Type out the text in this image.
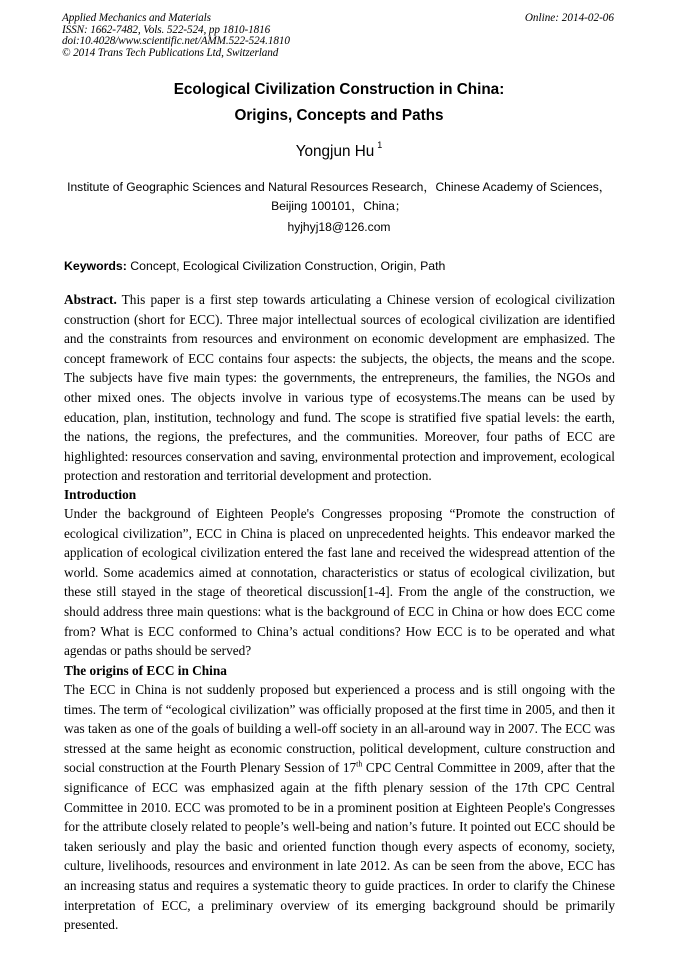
Applied Mechanics and Materials
ISSN: 1662-7482, Vols. 522-524, pp 1810-1816
doi:10.4028/www.scientific.net/AMM.522-524.1810
© 2014 Trans Tech Publications Ltd, Switzerland
Online: 2014-02-06
Ecological Civilization Construction in China:
Origins, Concepts and Paths
Yongjun Hu $^1$
Institute of Geographic Sciences and Natural Resources Research，Chinese Academy of Sciences，
Beijing 100101，China；
hyjhyj18@126.com
Keywords: Concept, Ecological Civilization Construction, Origin, Path
Abstract. This paper is a first step towards articulating a Chinese version of ecological civilization construction (short for ECC). Three major intellectual sources of ecological civilization are identified and the constraints from resources and environment on economic development are emphasized. The concept framework of ECC contains four aspects: the subjects, the objects, the means and the scope. The subjects have five main types: the governments, the entrepreneurs, the families, the NGOs and other mixed ones. The objects involve in various type of ecosystems.The means can be used by education, plan, institution, technology and fund. The scope is stratified five spatial levels: the earth, the nations, the regions, the prefectures, and the communities. Moreover, four paths of ECC are highlighted: resources conservation and saving, environmental protection and improvement, ecological protection and restoration and territorial development and protection.
Introduction
Under the background of Eighteen People's Congresses proposing “Promote the construction of ecological civilization”, ECC in China is placed on unprecedented heights. This endeavor marked the application of ecological civilization entered the fast lane and received the widespread attention of the world. Some academics aimed at connotation, characteristics or status of ecological civilization, but these still stayed in the stage of theoretical discussion[1-4]. From the angle of the construction, we should address three main questions: what is the background of ECC in China or how does ECC come from? What is ECC conformed to China’s actual conditions? How ECC is to be operated and what agendas or paths should be served?
The origins of ECC in China
The ECC in China is not suddenly proposed but experienced a process and is still ongoing with the times. The term of “ecological civilization” was officially proposed at the first time in 2005, and then it was taken as one of the goals of building a well-off society in an all-around way in 2007. The ECC was stressed at the same height as economic construction, political development, culture construction and social construction at the Fourth Plenary Session of 17th CPC Central Committee in 2009, after that the significance of ECC was emphasized again at the fifth plenary session of the 17th CPC Central Committee in 2010. ECC was promoted to be in a prominent position at Eighteen People's Congresses for the attribute closely related to people’s well-being and nation’s future. It pointed out ECC should be taken seriously and play the basic and oriented function though every aspects of economy, society, culture, livelihoods, resources and environment in late 2012. As can be seen from the above, ECC has an increasing status and requires a systematic theory to guide practices. In order to clarify the Chinese interpretation of ECC, a preliminary overview of its emerging background should be primarily presented.
